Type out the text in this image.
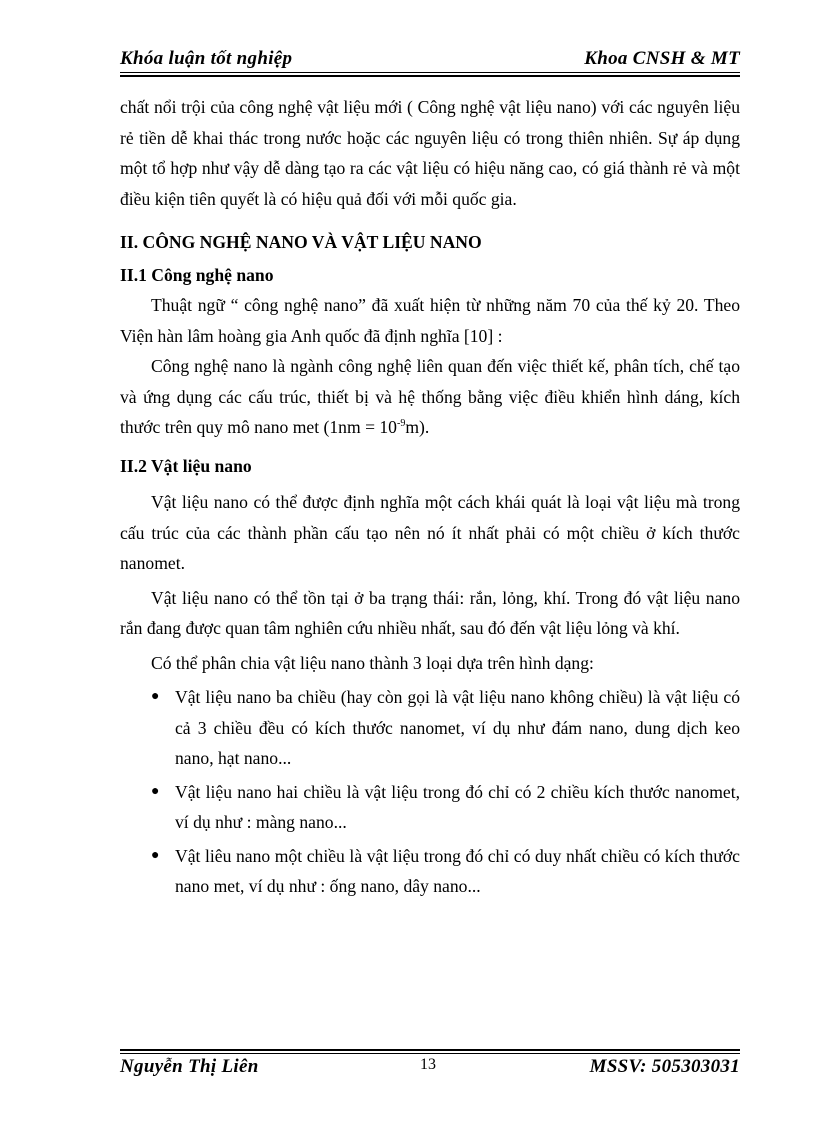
Khóa luận tốt nghiệp	Khoa CNSH & MT

chất nổi trội của công nghệ vật liệu mới ( Công nghệ vật liệu nano) với các nguyên liệu rẻ tiền dễ khai thác trong nước hoặc các nguyên liệu có trong thiên nhiên. Sự áp dụng một tổ hợp như vậy dễ dàng tạo ra các vật liệu có hiệu năng cao, có giá thành rẻ và một điều kiện tiên quyết là có hiệu quả đối với mỗi quốc gia.

II. CÔNG NGHỆ NANO VÀ VẬT LIỆU NANO
II.1 Công nghệ nano

Thuật ngữ “ công nghệ nano” đã xuất hiện từ những năm 70 của thế kỷ 20. Theo Viện hàn lâm hoàng gia Anh quốc đã định nghĩa [10] :

Công nghệ nano là ngành công nghệ liên quan đến việc thiết kế, phân tích, chế tạo và ứng dụng các cấu trúc, thiết bị và hệ thống bằng việc điều khiển hình dáng, kích thước trên quy mô nano met $(1nm = 10^{-9}m)$.

II.2 Vật liệu nano

Vật liệu nano có thể được định nghĩa một cách khái quát là loại vật liệu mà trong cấu trúc của các thành phần cấu tạo nên nó ít nhất phải có một chiều ở kích thước nanomet.

Vật liệu nano có thể tồn tại ở ba trạng thái: rắn, lỏng, khí. Trong đó vật liệu nano rắn đang được quan tâm nghiên cứu nhiều nhất, sau đó đến vật liệu lỏng và khí.

Có thể phân chia vật liệu nano thành 3 loại dựa trên hình dạng:

● Vật liệu nano ba chiều (hay còn gọi là vật liệu nano không chiều) là vật liệu có cả 3 chiều đều có kích thước nanomet, ví dụ như đám nano, dung dịch keo nano, hạt nano...
● Vật liệu nano hai chiều là vật liệu trong đó chỉ có 2 chiều kích thước nanomet, ví dụ như : màng nano...
● Vật liêu nano một chiều là vật liệu trong đó chỉ có duy nhất chiều có kích thước nano met, ví dụ như : ống nano, dây nano...
Nguyễn Thị Liên	13	MSSV: 505303031
